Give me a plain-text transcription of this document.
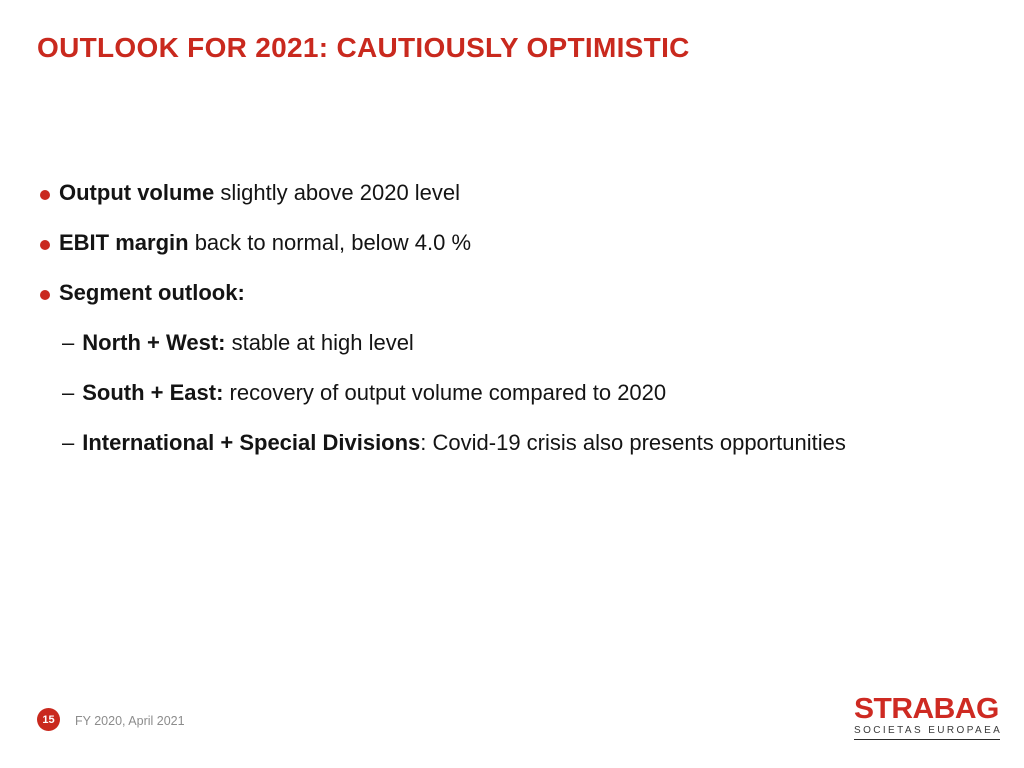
OUTLOOK FOR 2021: CAUTIOUSLY OPTIMISTIC
Output volume slightly above 2020 level
EBIT margin back to normal, below 4.0 %
Segment outlook:
– North + West: stable at high level
– South + East: recovery of output volume compared to 2020
– International + Special Divisions: Covid-19 crisis also presents opportunities
15	FY 2020, April 2021	STRABAG
SOCIETAS EUROPAEA
